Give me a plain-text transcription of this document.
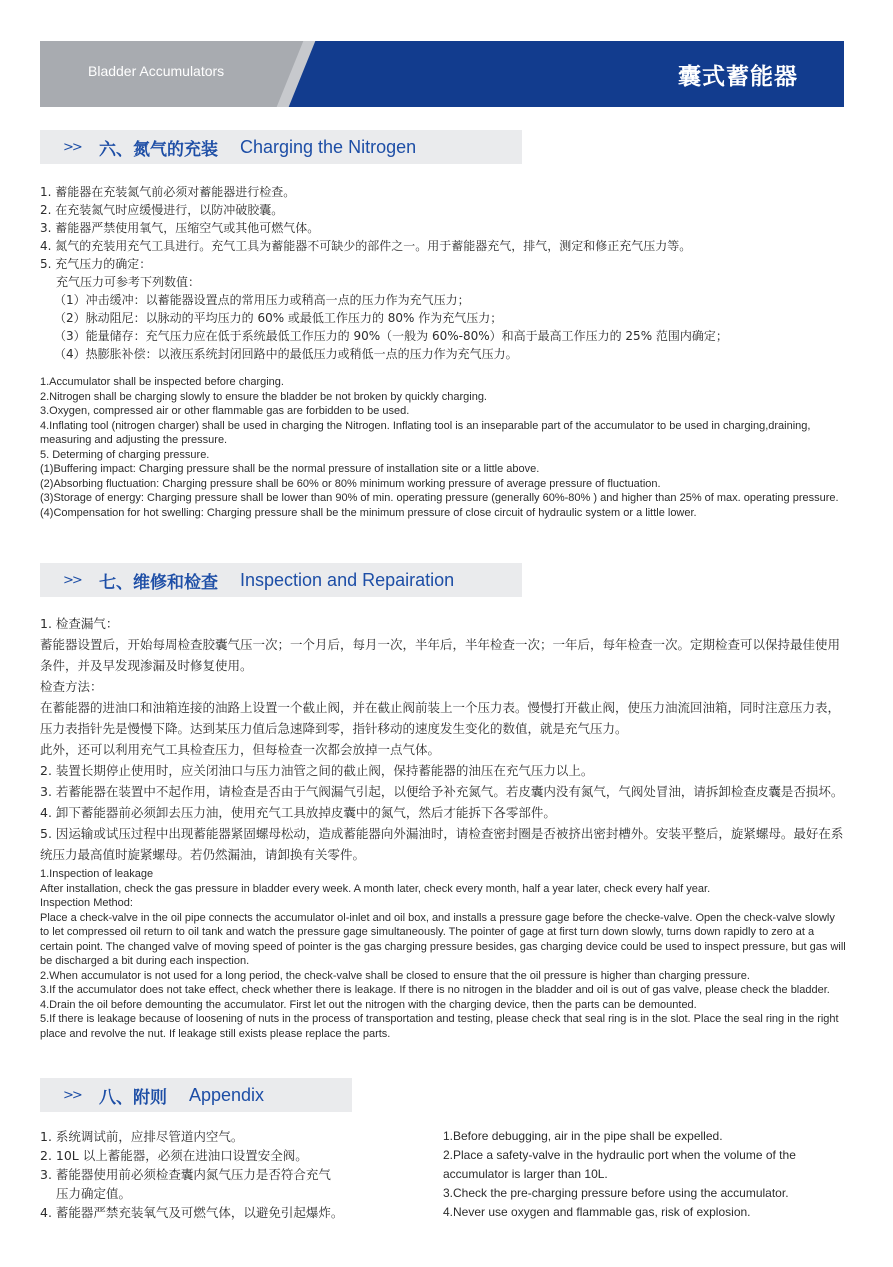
Bladder Accumulators	囊式蓄能器
>>	六、氮气的充装 Charging the Nitrogen
1. 蓄能器在充装氮气前必须对蓄能器进行检查。
2. 在充装氮气时应缓慢进行，以防冲破胶囊。
3. 蓄能器严禁使用氧气，压缩空气或其他可燃气体。
4. 氮气的充装用充气工具进行。充气工具为蓄能器不可缺少的部件之一。用于蓄能器充气，排气，测定和修正充气压力等。
5. 充气压力的确定：
充气压力可参考下列数值：
（1）冲击缓冲：以蓄能器设置点的常用压力或稍高一点的压力作为充气压力；
（2）脉动阻尼：以脉动的平均压力的 60% 或最低工作压力的 80% 作为充气压力；
（3）能量储存：充气压力应在低于系统最低工作压力的 90%（一般为 60%-80%）和高于最高工作压力的 25% 范围内确定；
（4）热膨胀补偿：以液压系统封闭回路中的最低压力或稍低一点的压力作为充气压力。
1.Accumulator shall be inspected before charging.
2.Nitrogen shall be charging slowly to ensure the bladder be not broken by quickly charging.
3.Oxygen, compressed air or other flammable gas are forbidden to be used.
4.Inflating tool (nitrogen charger) shall be used in charging the Nitrogen. Inflating tool is an inseparable part of the accumulator to be used in charging,draining, measuring and adjusting the pressure.
5. Determing of charging pressure.
(1)Buffering impact: Charging pressure shall be the normal pressure of installation site or a little above.
(2)Absorbing fluctuation: Charging pressure shall be 60% or 80% minimum working pressure of average pressure of fluctuation.
(3)Storage of energy: Charging pressure shall be lower than 90% of min. operating pressure (generally 60%-80% ) and higher than 25% of max. operating pressure.
(4)Compensation for hot swelling: Charging pressure shall be the minimum pressure of close circuit of hydraulic system or a little lower.
>>	七、维修和检查 Inspection and Repairation
1. 检查漏气：
蓄能器设置后，开始每周检查胶囊气压一次；一个月后，每月一次，半年后，半年检查一次；一年后，每年检查一次。定期检查可以保持最佳使用条件，并及早发现渗漏及时修复使用。
检查方法：
在蓄能器的进油口和油箱连接的油路上设置一个截止阀，并在截止阀前装上一个压力表。慢慢打开截止阀，使压力油流回油箱，同时注意压力表，压力表指针先是慢慢下降。达到某压力值后急速降到零，指针移动的速度发生变化的数值，就是充气压力。
此外，还可以利用充气工具检查压力，但每检查一次都会放掉一点气体。
2. 装置长期停止使用时，应关闭油口与压力油管之间的截止阀，保持蓄能器的油压在充气压力以上。
3. 若蓄能器在装置中不起作用，请检查是否由于气阀漏气引起，以便给予补充氮气。若皮囊内没有氮气，气阀处冒油，请拆卸检查皮囊是否损坏。
4. 卸下蓄能器前必须卸去压力油，使用充气工具放掉皮囊中的氮气，然后才能拆下各零部件。
5. 因运输或试压过程中出现蓄能器紧固螺母松动，造成蓄能器向外漏油时，请检查密封圈是否被挤出密封槽外。安装平整后，旋紧螺母。最好在系统压力最高值时旋紧螺母。若仍然漏油，请卸换有关零件。
1.Inspection of leakage
After installation, check the gas pressure in bladder every week. A month later, check every month, half a year later, check every half year.
Inspection Method:
Place a check-valve in the oil pipe connects the accumulator ol-inlet and oil box, and installs a pressure gage before the checke-valve. Open the check-valve slowly to let compressed oil return to oil tank and watch the pressure gage simultaneously. The pointer of gage at first turn down slowly, turns down rapidly to zero at a certain point. The changed valve of moving speed of pointer is the gas charging pressure besides, gas charging device could be used to inspect pressure, but gas will be discharged a bit during each inspection.
2.When accumulator is not used for a long period, the check-valve shall be closed to ensure that the oil pressure is higher than charging pressure.
3.If the accumulator does not take effect, check whether there is leakage. If there is no nitrogen in the bladder and oil is out of gas valve, please check the bladder.
4.Drain the oil before demounting the accumulator. First let out the nitrogen with the charging device, then the parts can be demounted.
5.If there is leakage because of loosening of nuts in the process of transportation and testing, please check that seal ring is in the slot. Place the seal ring in the right place and revolve the nut. If leakage still exists please replace the parts.
>>	八、附则 Appendix
1. 系统调试前，应排尽管道内空气。
2. 10L 以上蓄能器，必须在进油口设置安全阀。
3. 蓄能器使用前必须检查囊内氮气压力是否符合充气
压力确定值。
4. 蓄能器严禁充装氧气及可燃气体，以避免引起爆炸。
1.Before debugging, air in the pipe shall be expelled.
2.Place a safety-valve in the hydraulic port when the volume of the accumulator is larger than 10L.
3.Check the pre-charging pressure before using the accumulator.
4.Never use oxygen and flammable gas, risk of explosion.
